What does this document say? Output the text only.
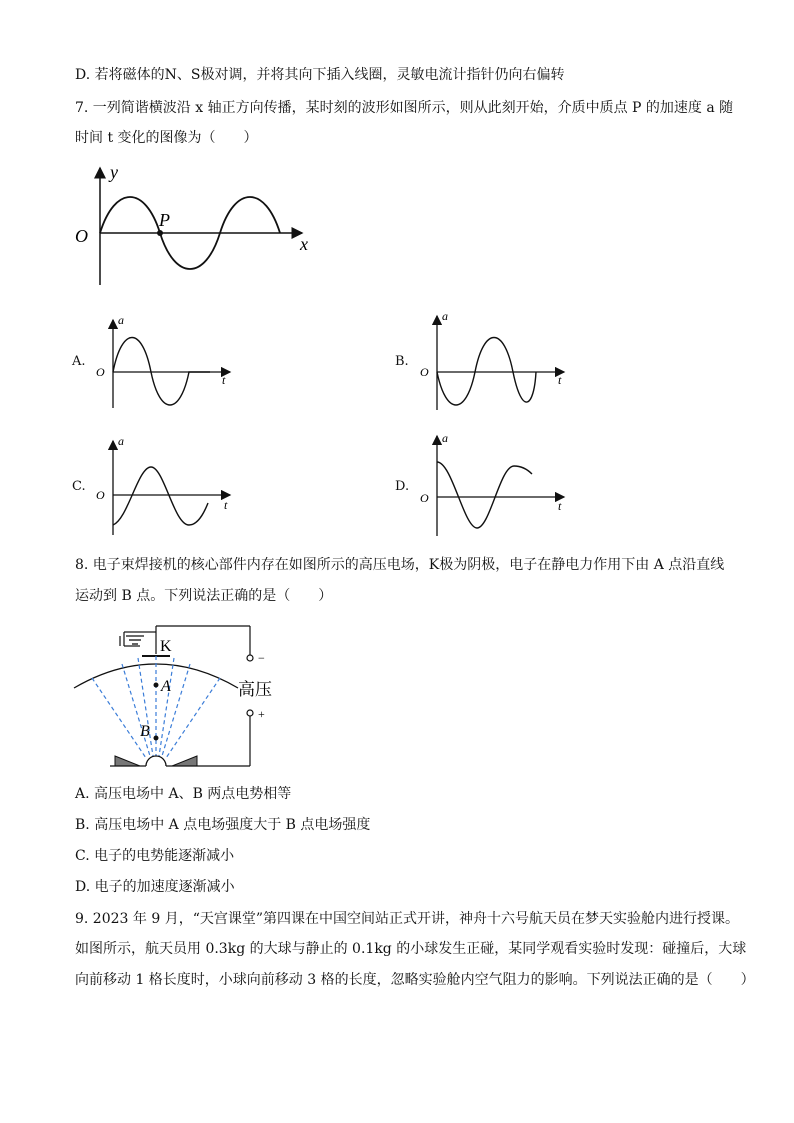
D. 若将磁体的N、S极对调，并将其向下插入线圈，灵敏电流计指针仍向右偏转
7. 一列简谐横波沿 x 轴正方向传播，某时刻的波形如图所示，则从此刻开始，介质中质点 P 的加速度 a 随
时间 t 变化的图像为（　　）
y
x
O
P
A.
a
t
O
B.
a
t
O
C.
a
t
O
D.
a
t
O
8. 电子束焊接机的核心部件内存在如图所示的高压电场，K极为阴极，电子在静电力作用下由 A 点沿直线
运动到 B 点。下列说法正确的是（　　）
K
A
B
高压
−
+
A. 高压电场中 A、B 两点电势相等
B. 高压电场中 A 点电场强度大于 B 点电场强度
C. 电子的电势能逐渐减小
D. 电子的加速度逐渐减小
9. 2023 年 9 月，“天宫课堂”第四课在中国空间站正式开讲，神舟十六号航天员在梦天实验舱内进行授课。
如图所示，航天员用 0.3kg 的大球与静止的 0.1kg 的小球发生正碰，某同学观看实验时发现：碰撞后，大球
向前移动 1 格长度时，小球向前移动 3 格的长度，忽略实验舱内空气阻力的影响。下列说法正确的是（　　）
